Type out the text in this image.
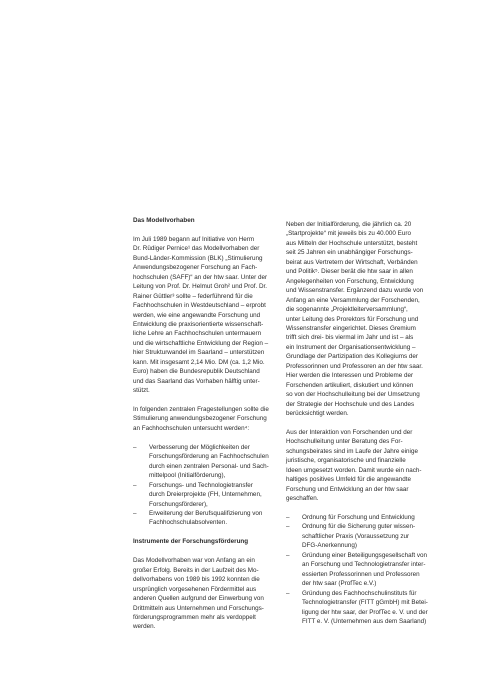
Das Modellvorhaben

Im Juli 1989 begann auf Initiative von Herm
Dr. Rüdiger Pernice¹ das Modellvorhaben der
Bund-Länder-Kommission (BLK) „Stimulierung
Anwendungsbezogener Forschung an Fach-
hochschulen (SAFF)“ an der htw saar. Unter der
Leitung von Prof. Dr. Helmut Groh² und Prof. Dr.
Rainer Güttler³ sollte – federführend für die
Fachhochschulen in Westdeutschland – erprobt
werden, wie eine angewandte Forschung und
Entwicklung die praxisorientierte wissenschaft-
liche Lehre an Fachhochschulen untermauern
und die wirtschaftliche Entwicklung der Region –
hier Strukturwandel im Saarland – unterstützen
kann. Mit insgesamt 2,14 Mio. DM (ca. 1,2 Mio.
Euro) haben die Bundesrepublik Deutschland
und das Saarland das Vorhaben hälftig unter-
stützt.

In folgenden zentralen Fragestellungen sollte die
Stimulierung anwendungsbezogener Forschung
an Fachhochschulen untersucht werden⁴:

– Verbesserung der Möglichkeiten der
Forschungsförderung an Fachhochschulen
durch einen zentralen Personal- und Sach-
mittelpool (Initialförderung),
– Forschungs- und Technologietransfer
durch Dreierprojekte (FH, Unternehmen,
Forschungsförderer),
– Erweiterung der Berufsqualifizierung von
Fachhochschulabsolventen.

Instrumente der Forschungsförderung

Das Modellvorhaben war von Anfang an ein
großer Erfolg. Bereits in der Laufzeit des Mo-
dellvorhabens von 1989 bis 1992 konnten die
ursprünglich vorgesehenen Fördermittel aus
anderen Quellen aufgrund der Einwerbung von
Drittmitteln aus Unternehmen und Forschungs-
förderungsprogrammen mehr als verdoppelt
werden.

Neben der Initialförderung, die jährlich ca. 20
„Startprojekte“ mit jeweils bis zu 40.000 Euro
aus Mitteln der Hochschule unterstützt, besteht
seit 25 Jahren ein unabhängiger Forschungs-
beirat aus Vertretern der Wirtschaft, Verbänden
und Politik⁵. Dieser berät die htw saar in allen
Angelegenheiten von Forschung, Entwicklung
und Wissenstransfer. Ergänzend dazu wurde von
Anfang an eine Versammlung der Forschenden,
die sogenannte „Projektleiterversammlung“,
unter Leitung des Prorektors für Forschung und
Wissenstransfer eingerichtet. Dieses Gremium
trifft sich drei- bis viermal im Jahr und ist – als
ein Instrument der Organisationsentwicklung –
Grundlage der Partizipation des Kollegiums der
Professorinnen und Professoren an der htw saar.
Hier werden die Interessen und Probleme der
Forschenden artikuliert, diskutiert und können
so von der Hochschulleitung bei der Umsetzung
der Strategie der Hochschule und des Landes
berücksichtigt werden.

Aus der Interaktion von Forschenden und der
Hochschulleitung unter Beratung des For-
schungsbeirates sind im Laufe der Jahre einige
juristische, organisatorische und finanzielle
Ideen umgesetzt worden. Damit wurde ein nach-
haltiges positives Umfeld für die angewandte
Forschung und Entwicklung an der htw saar
geschaffen.

– Ordnung für Forschung und Entwicklung
– Ordnung für die Sicherung guter wissen-
schaftlicher Praxis (Voraussetzung zur
DFG-Anerkennung)
– Gründung einer Beteiligungsgesellschaft von
an Forschung und Technologietransfer inter-
essierten Professorinnen und Professoren
der htw saar (ProfTec e.V.)
– Gründung des Fachhochschulinstituts für
Technologietransfer (FITT gGmbH) mit Betei-
ligung der htw saar, der ProfTec e. V. und der
FITT e. V. (Unternehmen aus dem Saarland)
